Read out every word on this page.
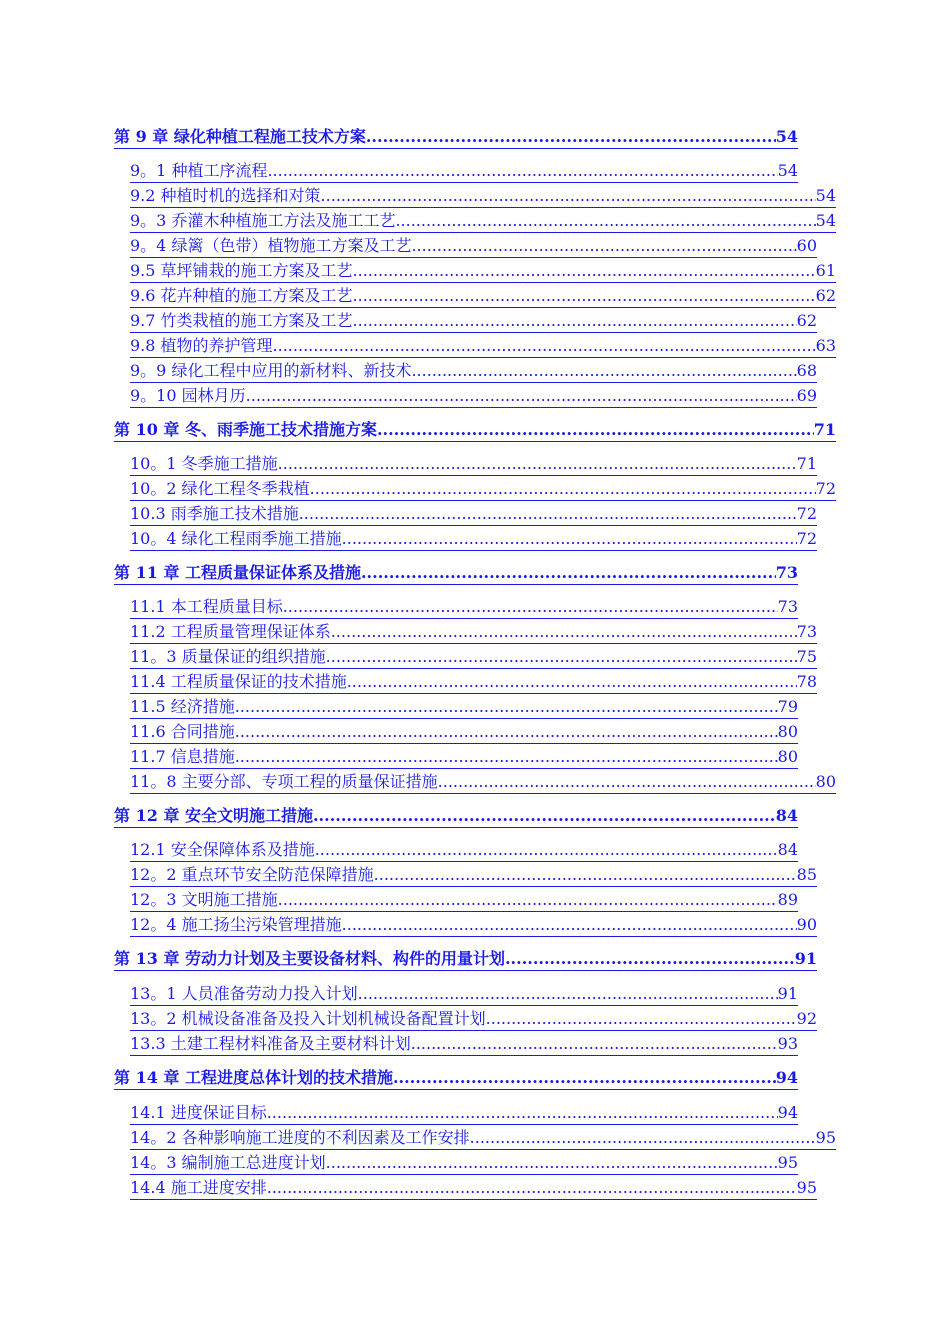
第 9 章 绿化种植工程施工技术方案 .....	54
9。1 种植工序流程 .....	54
9.2 种植时机的选择和对策 .....	54
9。3 乔灌木种植施工方法及施工工艺 .....	54
9。4 绿篱（色带）植物施工方案及工艺 .....	60
9.5 草坪铺栽的施工方案及工艺 .....	61
9.6 花卉种植的施工方案及工艺 .....	62
9.7 竹类栽植的施工方案及工艺 .....	62
9.8 植物的养护管理 .....	63
9。9 绿化工程中应用的新材料、新技术 .....	68
9。10 园林月历 .....	69
第 10 章 冬、雨季施工技术措施方案 .....	71
10。1 冬季施工措施 .....	71
10。2 绿化工程冬季栽植 .....	72
10.3 雨季施工技术措施 .....	72
10。4 绿化工程雨季施工措施 .....	72
第 11 章 工程质量保证体系及措施 .....	73
11.1 本工程质量目标 .....	73
11.2 工程质量管理保证体系 .....	73
11。3 质量保证的组织措施 .....	75
11.4 工程质量保证的技术措施 .....	78
11.5 经济措施 .....	79
11.6 合同措施 .....	80
11.7 信息措施 .....	80
11。8 主要分部、专项工程的质量保证措施 .....	80
第 12 章 安全文明施工措施 .....	84
12.1 安全保障体系及措施 .....	84
12。2 重点环节安全防范保障措施 .....	85
12。3 文明施工措施 .....	89
12。4 施工扬尘污染管理措施 .....	90
第 13 章 劳动力计划及主要设备材料、构件的用量计划 .....	91
13。1 人员准备劳动力投入计划 .....	91
13。2 机械设备准备及投入计划机械设备配置计划 .....	92
13.3 土建工程材料准备及主要材料计划 .....	93
第 14 章 工程进度总体计划的技术措施 .....	94
14.1 进度保证目标 .....	94
14。2 各种影响施工进度的不利因素及工作安排 .....	95
14。3 编制施工总进度计划 .....	95
14.4 施工进度安排 .....	95
